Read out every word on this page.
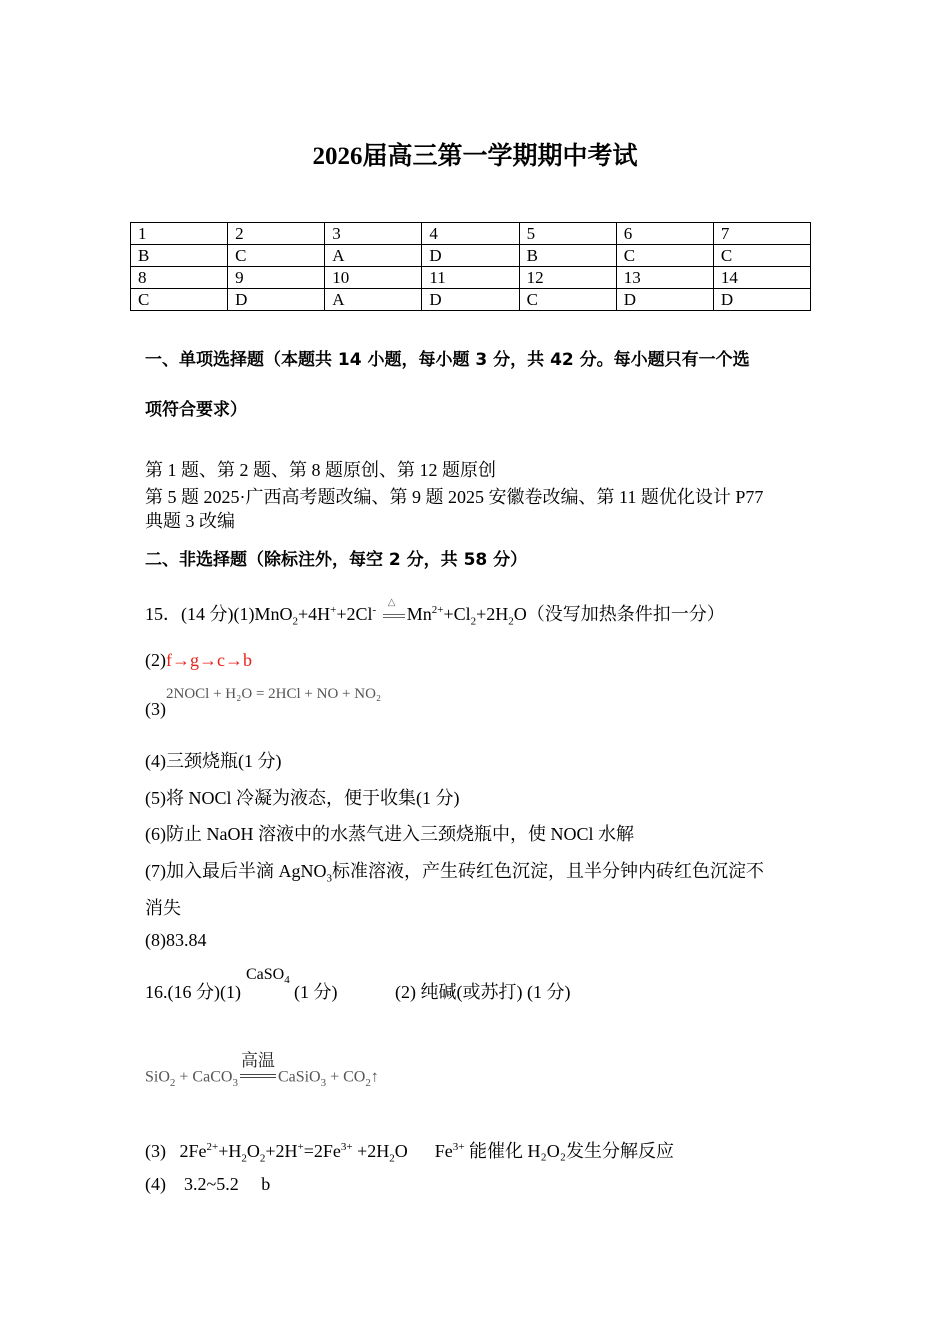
2026届高三第一学期期中考试
1	2	3	4	5	6	7
B	C	A	D	B	C	C
8	9	10	11	12	13	14
C	D	A	D	C	D	D
一、单项选择题（本题共 14 小题，每小题 3 分，共 42 分。每小题只有一个选
项符合要求）
第 1 题、第 2 题、第 8 题原创、第 12 题原创
第 5 题 2025·广西高考题改编、第 9 题 2025 安徽卷改编、第 11 题优化设计 P77
典题 3 改编
二、非选择题（除标注外，每空 2 分，共 58 分）
15．(14 分)(1)MnO$_2$+4H++2Cl-
△
$Mn^{2+}+Cl_2+2H_2O$（没写加热条件扣一分）
(2)f→g→c→b
(3)
2NOCl + H₂O = 2HCl + NO + NO₂
(4)三颈烧瓶(1 分)
(5)将 NOCl 冷凝为液态，便于收集(1 分)
(6)防止 NaOH 溶液中的水蒸气进入三颈烧瓶中，使 NOCl 水解
(7)加入最后半滴 AgNO$_3$标准溶液，产生砖红色沉淀，且半分钟内砖红色沉淀不
消失
(8)83.84
16.(16 分)(1)
CaSO$_4$
(1 分)	(2) 纯碱(或苏打) (1 分)
SiO$_2$ + CaCO$_3$
高温
CaSiO$_3$ + $CO_2↑$
(3)   $2Fe^{2+}+H_2O_2+2H^+=2Fe^{3+} +2H_2O$      $Fe^{3+}$ 能催化 H₂O₂发生分解反应
(4) 3.2~5.2 b
